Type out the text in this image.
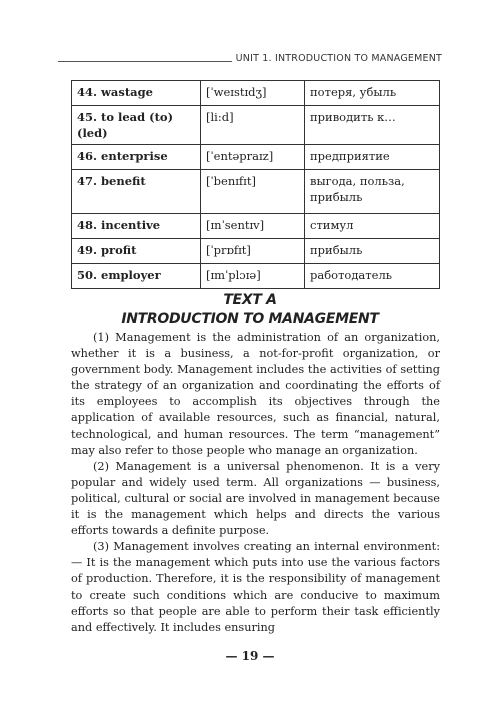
UNIT 1. INTRODUCTION TO MANAGEMENT
44. wastage	[ˈweɪstɪdʒ]	потеря, убыль
45. to lead (to) (led)	[li:d]	приводить к…
46. enterprise	[ˈentəpraɪz]	предприятие
47. benefit	[ˈbenɪfɪt]	выгода, польза, прибыль
48. incentive	[ɪnˈsentɪv]	стимул
49. profit	[ˈprɒfɪt]	прибыль
50. employer	[ɪmˈplɔɪə]	работодатель
TEXT A
INTRODUCTION TO MANAGEMENT

(1) Management is the administration of an organization, whether it is a business, a not-for-profit organization, or government body. Management includes the activities of setting the strategy of an organization and coordinating the efforts of its employees to accomplish its objectives through the application of available resources, such as financial, natural, technological, and human resources. The term “management” may also refer to those people who manage an organization.

(2) Management is a universal phenomenon. It is a very popular and widely used term. All organizations — business, political, cultural or social are involved in management because it is the management which helps and directs the various efforts towards a definite purpose.

(3) Management involves creating an internal environment: — It is the management which puts into use the various factors of production. Therefore, it is the responsibility of management to create such conditions which are conducive to maximum efforts so that people are able to perform their task efficiently and effectively. It includes ensuring

— 19 —
